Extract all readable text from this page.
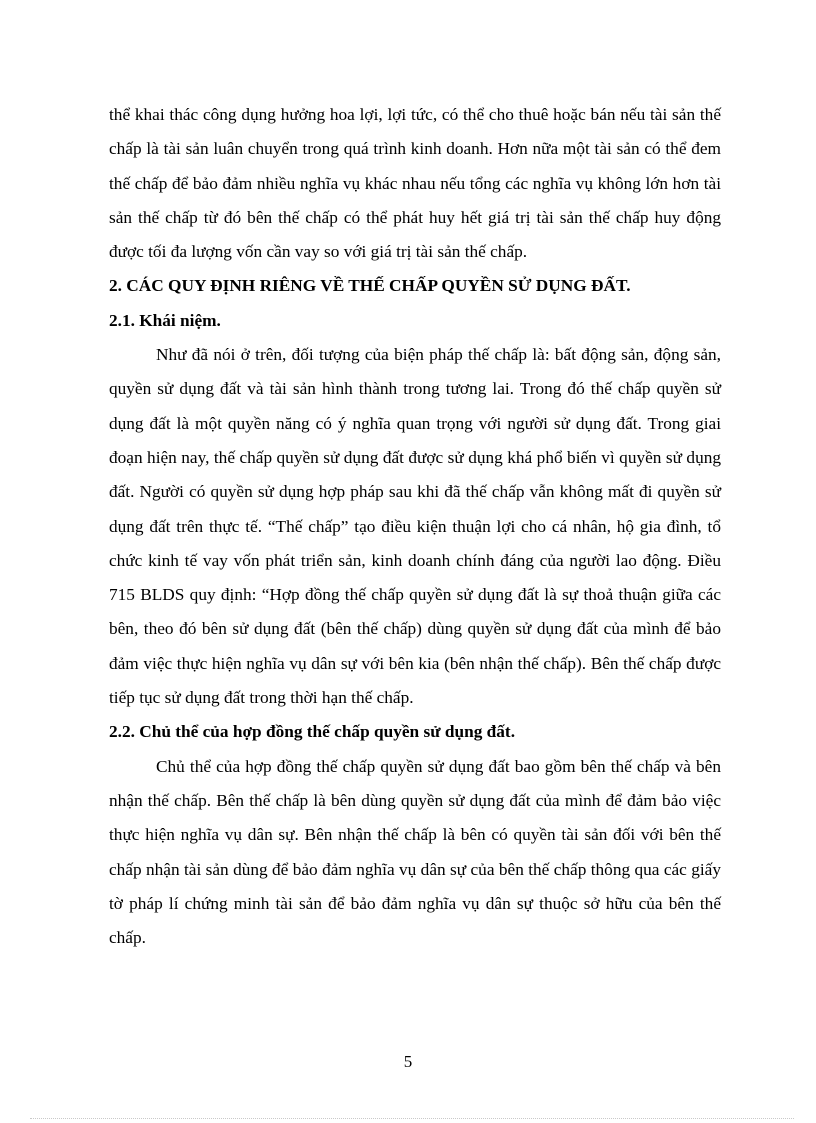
thể khai thác công dụng hưởng hoa lợi, lợi tức, có thể cho thuê hoặc bán nếu tài sản thế chấp là tài sản luân chuyển trong quá trình kinh doanh. Hơn nữa một tài sản có thể đem thế chấp để bảo đảm nhiều nghĩa vụ khác nhau nếu tổng các nghĩa vụ không lớn hơn tài sản thế chấp từ đó bên thế chấp có thể phát huy hết giá trị tài sản thế chấp huy động được tối đa lượng vốn cần vay so với giá trị tài sản thế chấp.

2. CÁC QUY ĐỊNH RIÊNG VỀ THẾ CHẤP QUYỀN SỬ DỤNG ĐẤT.
2.1. Khái niệm.

Như đã nói ở trên, đối tượng của biện pháp thế chấp là: bất động sản, động sản, quyền sử dụng đất và tài sản hình thành trong tương lai. Trong đó thế chấp quyền sử dụng đất là một quyền năng có ý nghĩa quan trọng với người sử dụng đất. Trong giai đoạn hiện nay, thế chấp quyền sử dụng đất được sử dụng khá phổ biến vì quyền sử dụng đất. Người có quyền sử dụng hợp pháp sau khi đã thế chấp vẫn không mất đi quyền sử dụng đất trên thực tế. “Thế chấp” tạo điều kiện thuận lợi cho cá nhân, hộ gia đình, tổ chức kinh tế vay vốn phát triển sản, kinh doanh chính đáng của người lao động. Điều 715 BLDS quy định: “Hợp đồng thế chấp quyền sử dụng đất là sự thoả thuận giữa các bên, theo đó bên sử dụng đất (bên thế chấp) dùng quyền sử dụng đất của mình để bảo đảm việc thực hiện nghĩa vụ dân sự với bên kia (bên nhận thế chấp). Bên thế chấp được tiếp tục sử dụng đất trong thời hạn thế chấp.

2.2. Chủ thể của hợp đồng thế chấp quyền sử dụng đất.

Chủ thể của hợp đồng thế chấp quyền sử dụng đất bao gồm bên thế chấp và bên nhận thế chấp. Bên thế chấp là bên dùng quyền sử dụng đất của mình để đảm bảo việc thực hiện nghĩa vụ dân sự. Bên nhận thế chấp là bên có quyền tài sản đối với bên thế chấp nhận tài sản dùng để bảo đảm nghĩa vụ dân sự của bên thế chấp thông qua các giấy tờ pháp lí chứng minh tài sản để bảo đảm nghĩa vụ dân sự thuộc sở hữu của bên thế chấp.

5
